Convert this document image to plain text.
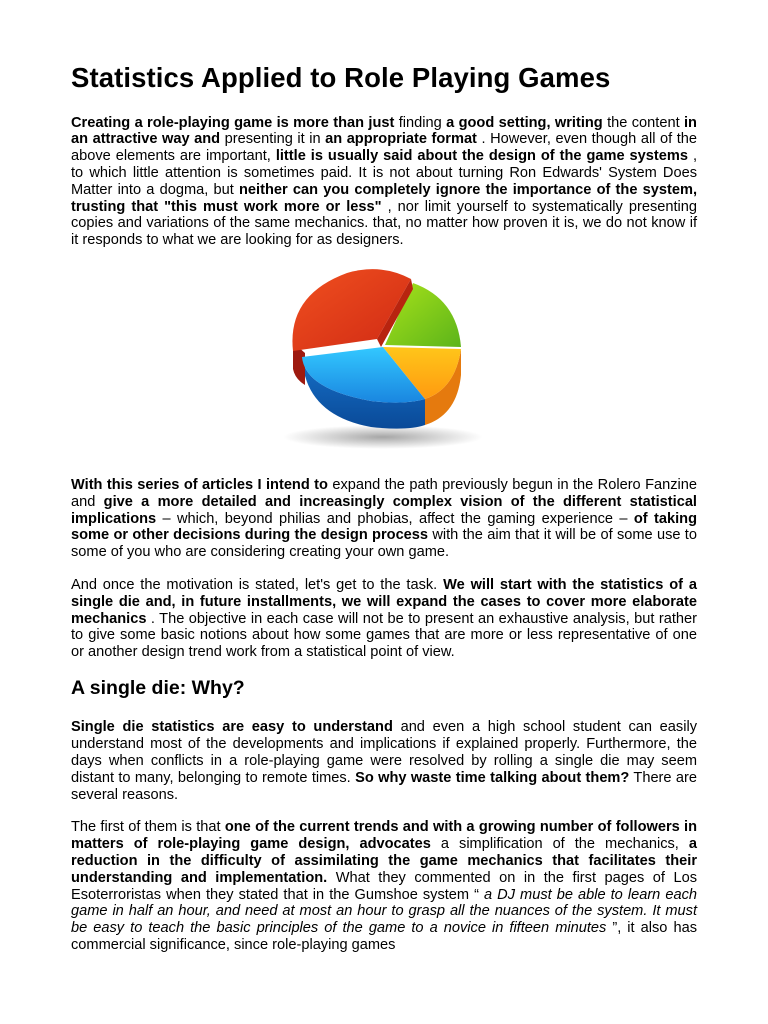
Statistics Applied to Role Playing Games

Creating a role-playing game is more than just finding a good setting, writing the content in an attractive way and presenting it in an appropriate format . However, even though all of the above elements are important, little is usually said about the design of the game systems , to which little attention is sometimes paid. It is not about turning Ron Edwards' System Does Matter into a dogma, but neither can you completely ignore the importance of the system, trusting that "this must work more or less" , nor limit yourself to systematically presenting copies and variations of the same mechanics. that, no matter how proven it is, we do not know if it responds to what we are looking for as designers.

With this series of articles I intend to expand the path previously begun in the Rolero Fanzine and give a more detailed and increasingly complex vision of the different statistical implications – which, beyond philias and phobias, affect the gaming experience – of taking some or other decisions during the design process with the aim that it will be of some use to some of you who are considering creating your own game.

And once the motivation is stated, let's get to the task. We will start with the statistics of a single die and, in future installments, we will expand the cases to cover more elaborate mechanics . The objective in each case will not be to present an exhaustive analysis, but rather to give some basic notions about how some games that are more or less representative of one or another design trend work from a statistical point of view.

A single die: Why?

Single die statistics are easy to understand and even a high school student can easily understand most of the developments and implications if explained properly. Furthermore, the days when conflicts in a role-playing game were resolved by rolling a single die may seem distant to many, belonging to remote times. So why waste time talking about them? There are several reasons.

The first of them is that one of the current trends and with a growing number of followers in matters of role-playing game design, advocates a simplification of the mechanics, a reduction in the difficulty of assimilating the game mechanics that facilitates their understanding and implementation. What they commented on in the first pages of Los Esoterroristas when they stated that in the Gumshoe system “ a DJ must be able to learn each game in half an hour, and need at most an hour to grasp all the nuances of the system. It must be easy to teach the basic principles of the game to a novice in fifteen minutes ”, it also has commercial significance, since role-playing games
